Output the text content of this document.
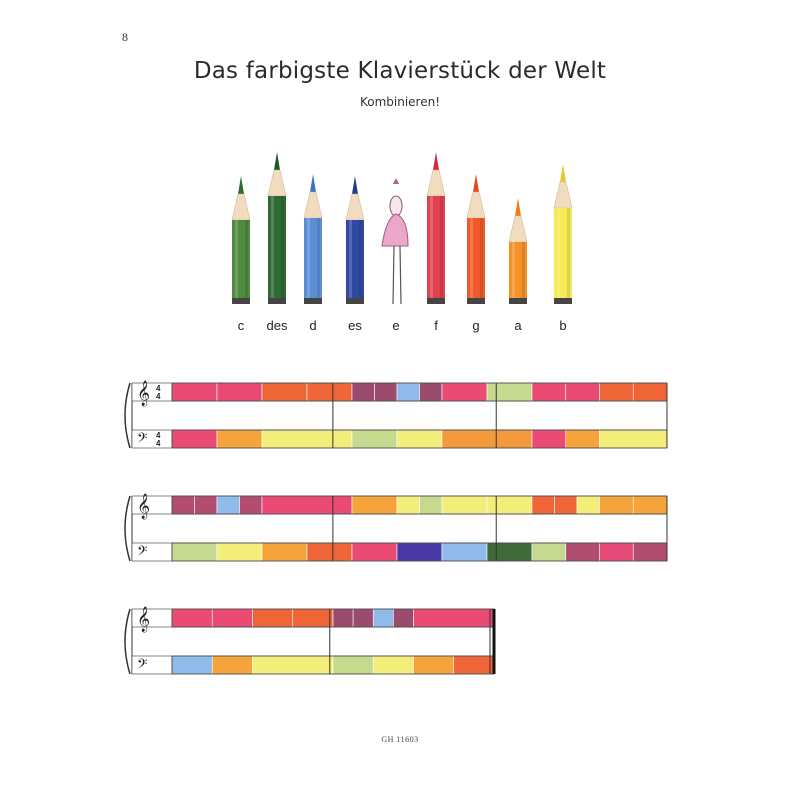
8
Das farbigste Klavierstück der Welt
Kombinieren!
c des d es e	f	g	a	b
𝄞
𝄢
4
4
4
4
𝄞
𝄢
𝄞
𝄢
GH 11603
